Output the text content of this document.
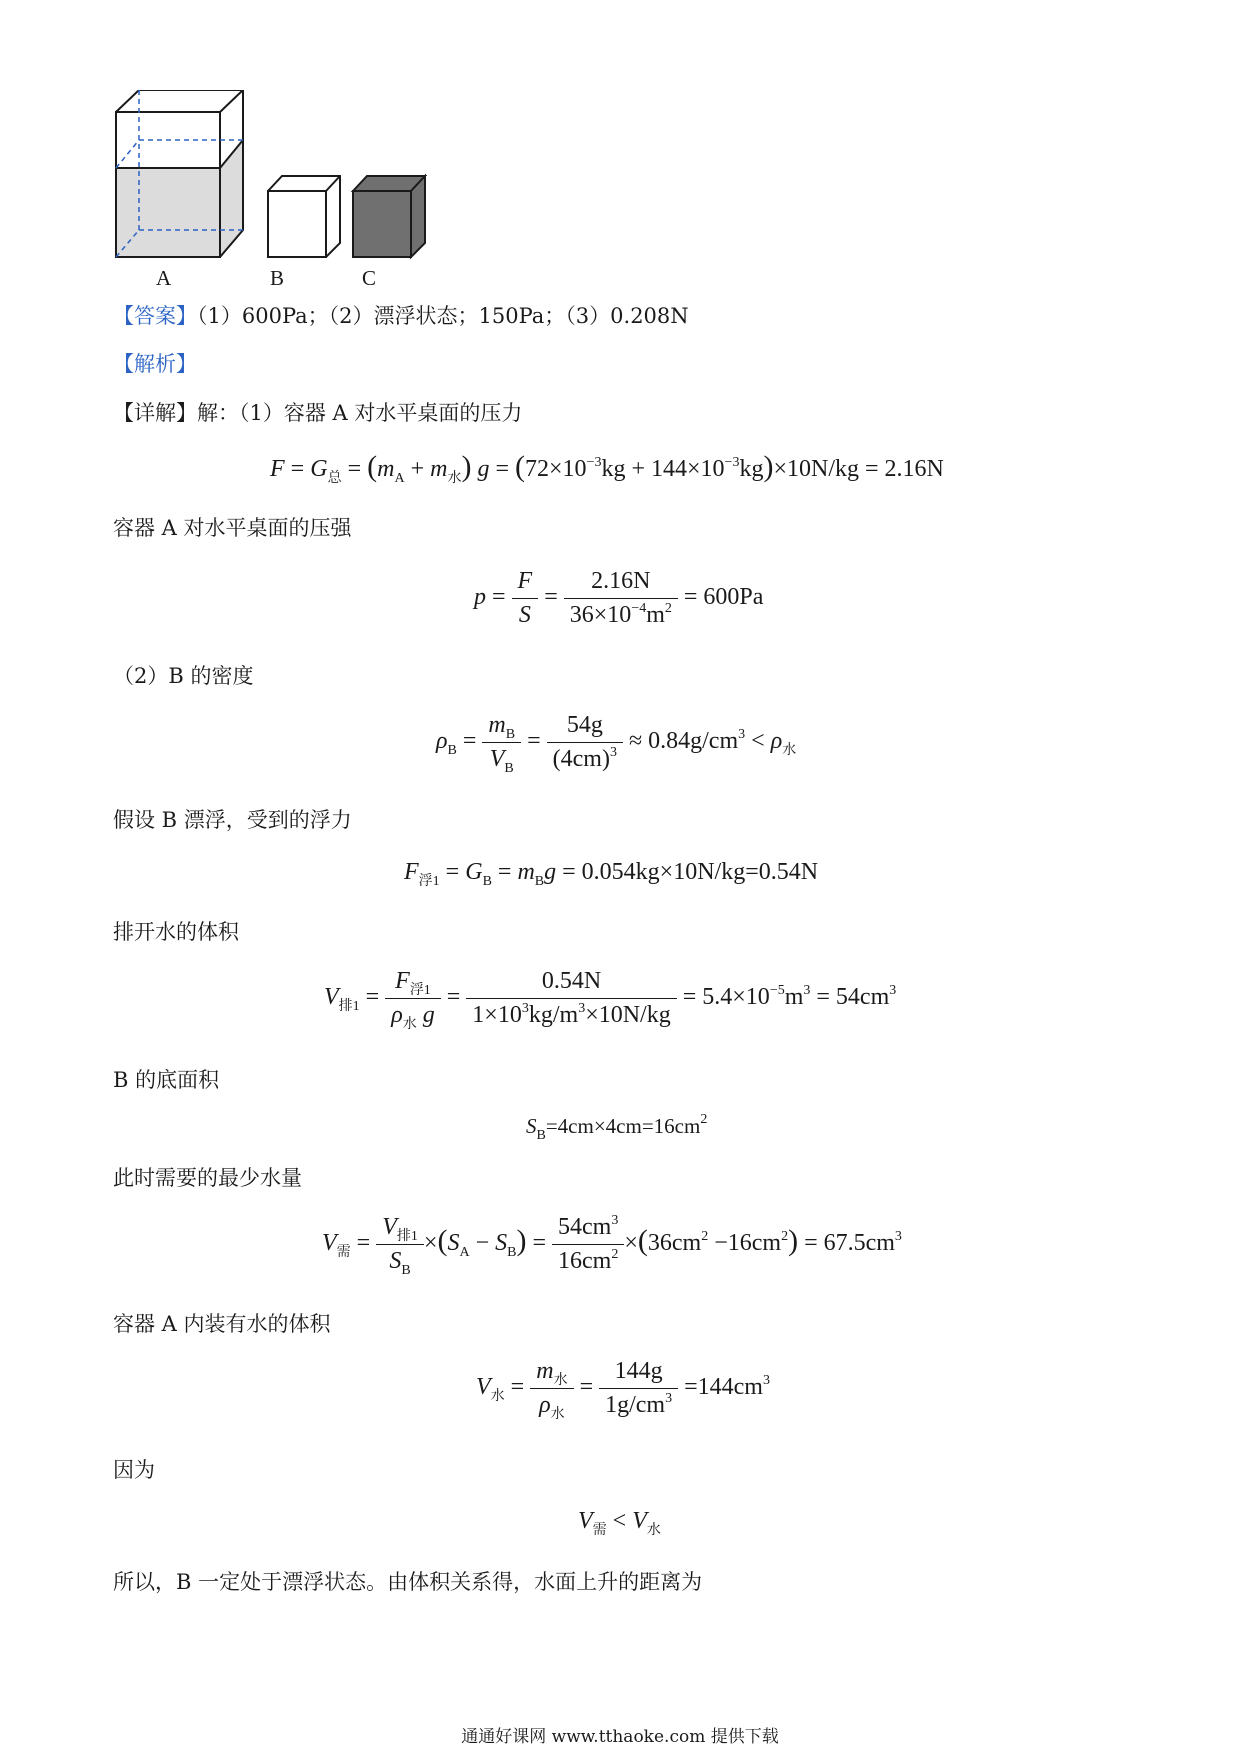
A	B	C
【答案】（1）600Pa；（2）漂浮状态；150Pa；（3）0.208N
【解析】
【详解】解：（1）容器 A 对水平桌面的压力
$F = G_总 = (m_A + m_水) g = (72\times 10^{-3}kg + 144\times 10^{-3}kg)\times 10N/kg = 2.16N$
容器 A 对水平桌面的压强
$p = \frac{F}{S} = \frac{2.16N}{36\times 10^{-4}m^2} = 600Pa$
（2）B 的密度
$\rho_B = \frac{m_B}{V_B} = \frac{54g}{(4cm)^3} \approx 0.84g/cm^3 < \rho_水$
假设 B 漂浮，受到的浮力
$F_{浮1} = G_B = m_Bg = 0.054kg\times 10N/kg=0.54N$
排开水的体积
$V_{排1} = \frac{F_{浮1}}{\rho_水 g} = \frac{0.54N}{1\times 10^3kg/m^3\times 10N/kg} = 5.4\times 10^{-5}m^3 = 54cm^3$
B 的底面积
$S_B=4cm\times 4cm=16cm^2$
此时需要的最少水量
$V_需 = \frac{V_{排1}}{S_B} \times(S_A - S_B) = \frac{54cm^3}{16cm^2} \times(36cm^2 -16cm^2) = 67.5cm^3$
容器 A 内装有水的体积
$V_水 = \frac{m_水}{\rho_水} = \frac{144g}{1g/cm^3} =144cm^3$
因为
$V_需 < V_水$
所以，B 一定处于漂浮状态。由体积关系得，水面上升的距离为
通通好课网 www.tthaoke.com 提供下载
